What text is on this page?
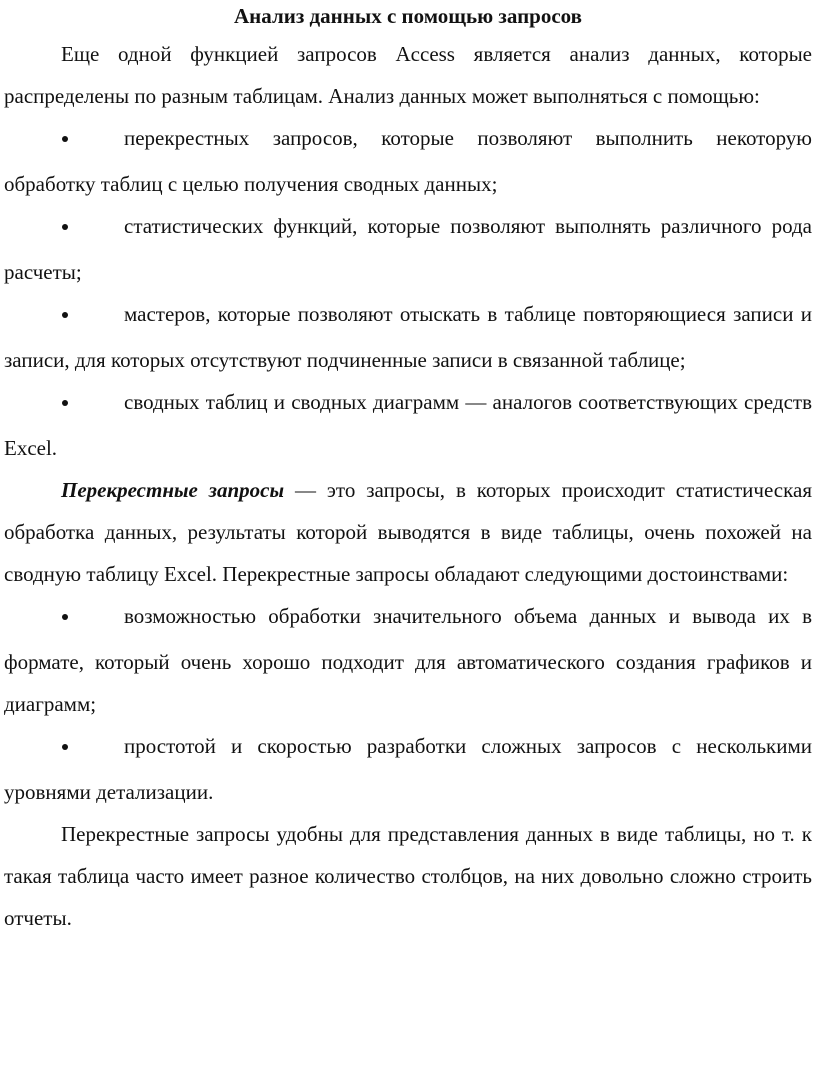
Анализ данных с помощью запросов

Еще одной функцией запросов Access является анализ данных, которые распределены по разным таблицам. Анализ данных может выполняться с помощью:

перекрестных запросов, которые позволяют выполнить некоторую обработку таблиц с целью получения сводных данных;

статистических функций, которые позволяют выполнять различного рода расчеты;

мастеров, которые позволяют отыскать в таблице повторяющиеся записи и записи, для которых отсутствуют подчиненные записи в связанной таблице;

сводных таблиц и сводных диаграмм — аналогов соответствующих средств Excel.

Перекрестные запросы — это запросы, в которых происходит статистическая обработка данных, результаты которой выводятся в виде таблицы, очень похожей на сводную таблицу Excel. Перекрестные запросы обладают следующими достоинствами:

возможностью обработки значительного объема данных и вывода их в формате, который очень хорошо подходит для автоматического создания графиков и диаграмм;

простотой и скоростью разработки сложных запросов с несколькими уровнями детализации.

Перекрестные запросы удобны для представления данных в виде таблицы, но т. к такая таблица часто имеет разное количество столбцов, на них довольно сложно строить отчеты.
